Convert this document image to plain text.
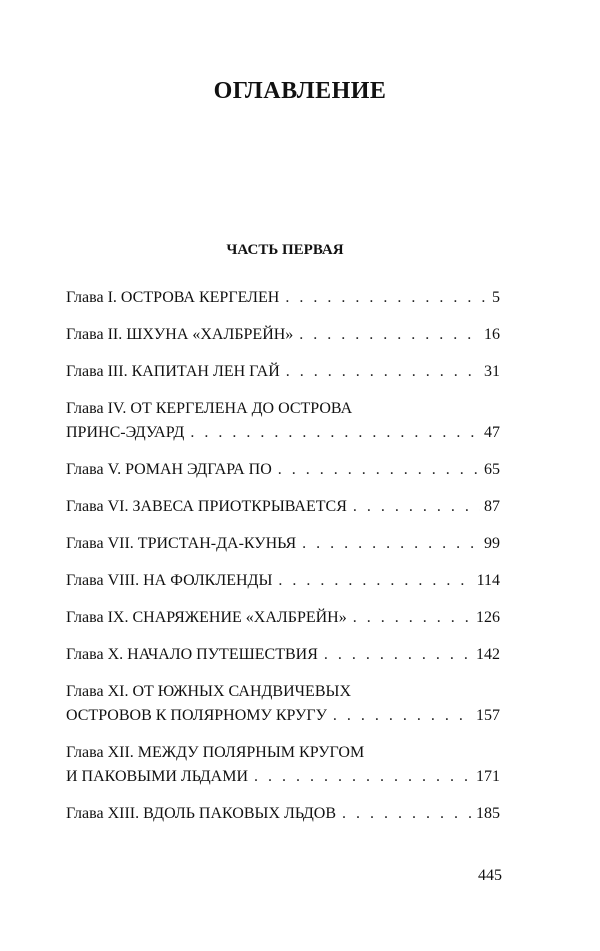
ОГЛАВЛЕНИЕ
ЧАСТЬ ПЕРВАЯ
Глава I. ОСТРОВА КЕРГЕЛЕН . . .	5
Глава II. ШХУНА «ХАЛБРЕЙН» . . .	16
Глава III. КАПИТАН ЛЕН ГАЙ . . .	31
Глава IV. ОТ КЕРГЕЛЕНА ДО ОСТРОВА
ПРИНС-ЭДУАРД . . .	47
Глава V. РОМАН ЭДГАРА ПО . . .	65
Глава VI. ЗАВЕСА ПРИОТКРЫВАЕТСЯ . . .	87
Глава VII. ТРИСТАН-ДА-КУНЬЯ . . .	99
Глава VIII. НА ФОЛКЛЕНДЫ . . .	114
Глава IX. СНАРЯЖЕНИЕ «ХАЛБРЕЙН» . . .	126
Глава X. НАЧАЛО ПУТЕШЕСТВИЯ . . .	142
Глава XI. ОТ ЮЖНЫХ САНДВИЧЕВЫХ
ОСТРОВОВ К ПОЛЯРНОМУ КРУГУ . . .	157
Глава XII. МЕЖДУ ПОЛЯРНЫМ КРУГОМ
И ПАКОВЫМИ ЛЬДАМИ . . .	171
Глава XIII. ВДОЛЬ ПАКОВЫХ ЛЬДОВ . . .	185
445
